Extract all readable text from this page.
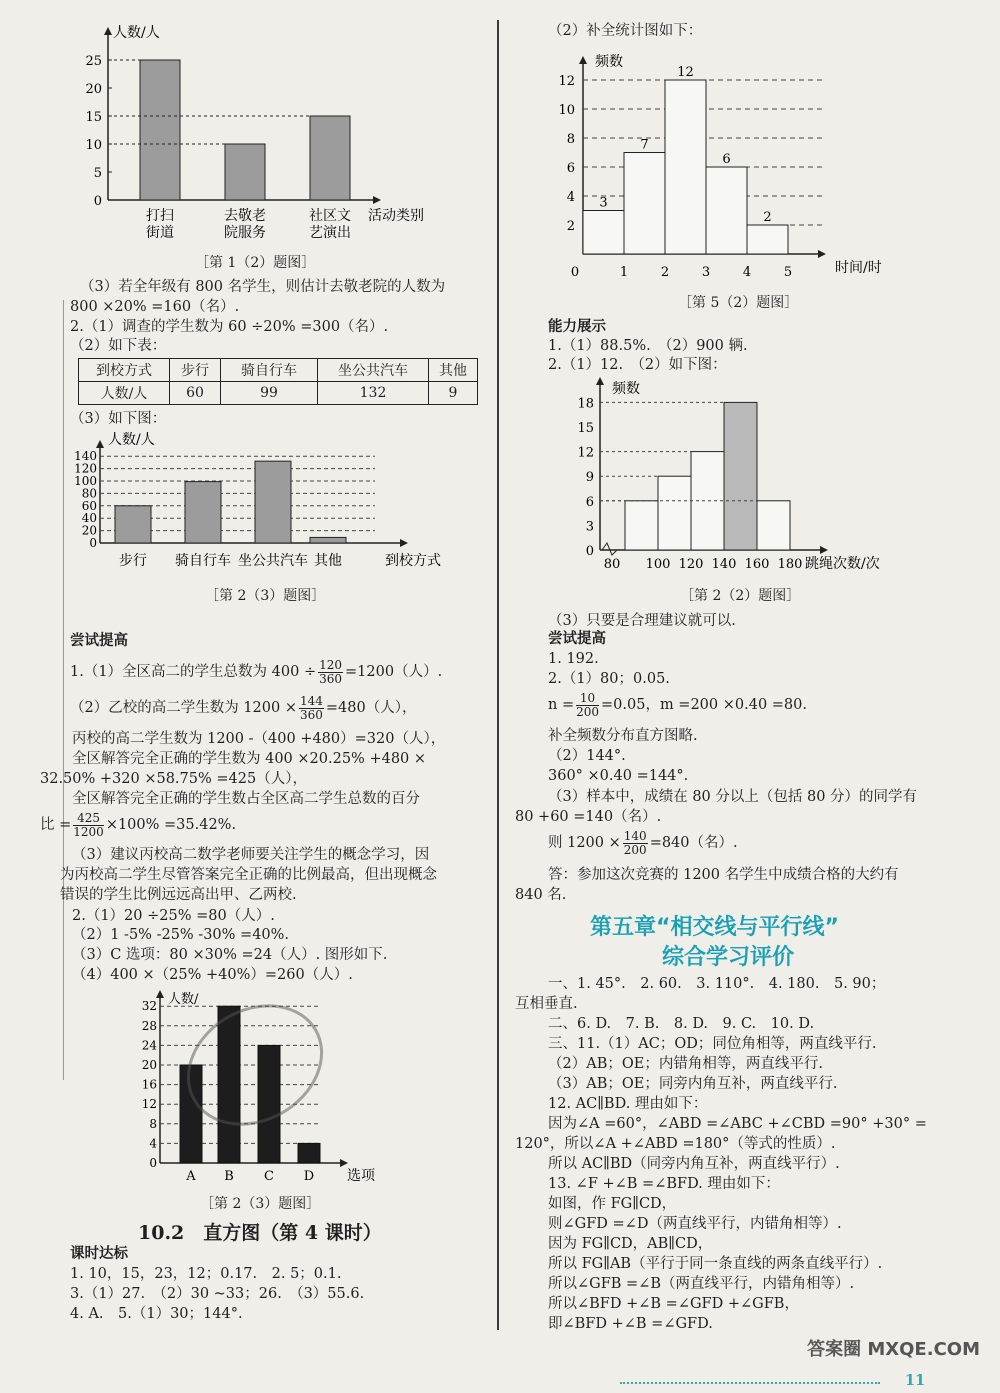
0
5
10
15
20
25
人数/人
活动类别
打扫
街道
去敬老
院服务
社区文
艺演出
［第 1（2）题图］
（3）若全年级有 800 名学生，则估计去敬老院的人数为
800 ×20% =160（名）.
2.（1）调查的学生数为 60 ÷20% =300（名）.
（2）如下表：
到校方式	步行	骑自行车	坐公共汽车	其他
人数/人	60	99	132	9
（3）如下图：
0
20
40
60
80
100
120
140
人数/人
到校方式
步行 骑自行车 坐公共汽车 其他
［第 2（3）题图］
尝试提高
1.（1）全区高二的学生总数为 $400 \div \frac{120}{360} =1200$（人）.
（2）乙校的高二学生数为 $1200 \times \frac{144}{360} =480$（人），
丙校的高二学生数为 1200 -（400 +480）=320（人），
全区解答完全正确的学生数为 400 ×20.25% +480 ×
32.50% +320 ×58.75% =425（人），
全区解答完全正确的学生数占全区高二学生总数的百分
比 = $\frac{425}{1200} \times 100\% =35.42\%$.
（3）建议丙校高二数学老师要关注学生的概念学习，因
为丙校高二学生尽管答案完全正确的比例最高，但出现概念
错误的学生比例远远高出甲、乙两校.
2.（1）20 ÷25% =80（人）.
（2）1 -5% -25% -30% =40%.
（3）C 选项：80 ×30% =24（人）. 图形如下.
（4）400 ×（25% +40%）=260（人）.
0
4
8
12
16
20
24
28
32 人数/
选项
A B C D
［第 2（3）题图］
10.2　直方图（第 4 课时）
课时达标
1. 10，15，23，12；0.17.　2. 5；0.1.
3.（1）27.　（2）30 ~33；26.　（3）55.6.
4. A.　5.（1）30；144°.
（2）补全统计图如下：
0
2
4
6
8
10
12
频数
时间/时
1	2	3	4	5
3
7
12
6
2
［第 5（2）题图］
能力展示
1.（1）88.5%.　（2）900 辆.
2.（1）12.　（2）如下图：
0
3
6
9
12
15
18
频数
跳绳次数/次
80 100 120 140 160 180
［第 2（2）题图］
（3）只要是合理建议就可以.
尝试提高
1. 192.
2.（1）80；0.05.
$n = \frac{10}{200} =0.05$，m =200 ×0.40 =80.
补全频数分布直方图略.
（2）144°.
360° ×0.40 =144°.
（3）样本中，成绩在 80 分以上（包括 80 分）的同学有
80 +60 =140（名）.
则 $1200 \times \frac{140}{200} =840$（名）.
答：参加这次竞赛的 1200 名学生中成绩合格的大约有
840 名.
第五章“相交线与平行线”
综合学习评价
一、1. 45°.　2. 60.　3. 110°.　4. 180.　5. 90；
互相垂直.
二、6. D.　7. B.　8. D.　9. C.　10. D.
三、11.（1）AC；OD；同位角相等，两直线平行.
（2）AB；OE；内错角相等，两直线平行.
（3）AB；OE；同旁内角互补，两直线平行.
12. AC∥BD. 理由如下：
因为∠A =60°，∠ABD =∠ABC +∠CBD =90° +30° =
120°，所以∠A +∠ABD =180°（等式的性质）.
所以 AC∥BD（同旁内角互补，两直线平行）.
13. ∠F +∠B =∠BFD. 理由如下：
如图，作 FG∥CD，
则∠GFD =∠D（两直线平行，内错角相等）.
因为 FG∥CD，AB∥CD，
所以 FG∥AB（平行于同一条直线的两条直线平行）.
所以∠GFB =∠B（两直线平行，内错角相等）.
所以∠BFD +∠B =∠GFD +∠GFB，
即∠BFD +∠B =∠GFD.
11
答案圈 MXQE.COM
